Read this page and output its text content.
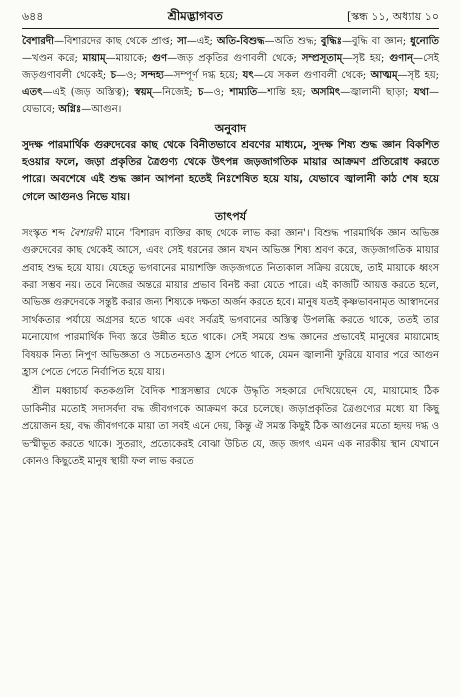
৬৪৪	শ্রীমদ্ভাগবত	[স্কন্ধ ১১, অধ্যায় ১০

বৈশারদী—বিশারদের কাছ থেকে প্রাপ্ত; সা—এই; অতি-বিশুদ্ধ—অতি শুদ্ধ; বুদ্ধিঃ—বুদ্ধি বা জ্ঞান; ধুনোতি—খণ্ডন করে; মায়াম্—মায়াকে; গুণ—জড় প্রকৃতির গুণাবলী থেকে; সম্প্রসূতাম্—সৃষ্ট হয়; গুণান্—সেই জড়গুণাবলী থেকেই; চ—ও; সন্দহ্য—সম্পূর্ণ দগ্ধ হয়ে; যৎ—যে সকল গুণাবলী থেকে; আত্মম্—সৃষ্ট হয়; এতৎ—এই (জড় অস্তিত্ব); স্বয়ম্—নিজেই; চ—ও; শাম্যতি—শান্তি হয়; অসমিৎ—জ্বালানী ছাড়া; যথা—যেভাবে; অগ্নিঃ—আগুন।

অনুবাদ

সুদক্ষ পারমার্থিক গুরুদেবের কাছ থেকে বিনীতভাবে শ্রবণের মাধ্যমে, সুদক্ষ শিষ্য শুদ্ধ জ্ঞান বিকশিত হওয়ার ফলে, জড়া প্রকৃতির ত্রৈগুণ্য থেকে উৎপন্ন জড়জাগতিক মায়ার আক্রমণ প্রতিরোধ করতে পারে। অবশেষে এই শুদ্ধ জ্ঞান আপনা হতেই নিঃশেষিত হয়ে যায়, যেভাবে জ্বালানী কাঠ শেষ হয়ে গেলে আগুনও নিভে যায়।

তাৎপর্য

সংস্কৃত শব্দ বৈশারদী মানে 'বিশারদ ব্যক্তির কাছ থেকে লাভ করা জ্ঞান'। বিশুদ্ধ পারমার্থিক জ্ঞান অভিজ্ঞ গুরুদেবের কাছ থেকেই আসে, এবং সেই ধরনের জ্ঞান যখন অভিজ্ঞ শিষ্য শ্রবণ করে, জড়জাগতিক মায়ার প্রবাহ শুদ্ধ হয়ে যায়। যেহেতু ভগবানের মায়াশক্তি জড়জগতে নিত্যকাল সক্রিয় রয়েছে, তাই মায়াকে ধ্বংস করা সম্ভব নয়। তবে নিজের অন্তরে মায়ার প্রভাব বিনষ্ট করা যেতে পারে। এই কাজটি আয়ত্ত করতে হলে, অভিজ্ঞ গুরুদেবকে সন্তুষ্ট করার জন্য শিষ্যকে দক্ষতা অর্জন করতে হবে। মানুষ যতই কৃষ্ণভাবনামৃত আস্বাদনের সার্থকতার পর্যায়ে অগ্রসর হতে থাকে এবং সর্বত্রই ভগবানের অস্তিত্ব উপলব্ধি করতে থাকে, ততই তার মনোযোগ পারমার্থিক দিব্য স্তরে উন্নীত হতে থাকে। সেই সময়ে শুদ্ধ জ্ঞানের প্রভাবেই মানুষের মায়ামোহ বিষয়ক নিত্য নিপুণ অভিজ্ঞতা ও সচেতনতাও হ্রাস পেতে থাকে, যেমন জ্বালানী ফুরিয়ে যাবার পরে আগুন হ্রাস পেতে পেতে নির্বাপিত হয়ে যায়।

শ্রীল মধ্বাচার্য কতকগুলি বৈদিক শাস্ত্রসম্ভার থেকে উদ্ধৃতি সহকারে দেখিয়েছেন যে, মায়ামোহ ঠিক ডাকিনীর মতোই সদাসর্বদা বদ্ধ জীবগণকে আক্রমণ করে চলেছে। জড়াপ্রকৃতির ত্রৈগুণ্যের মধ্যে যা কিছু প্রয়োজন হয়, বদ্ধ জীবগণকে মায়া তা সবই এনে দেয়, কিন্তু ঐ সমস্ত কিছুই ঠিক আগুনের মতো হৃদয় দগ্ধ ও ভস্মীভূত করতে থাকে। সুতরাং, প্রত্যেকেরই বোঝা উচিত যে, জড় জগৎ এমন এক নারকীয় স্থান যেখানে কোনও কিছুতেই মানুষ স্থায়ী ফল লাভ করতে
